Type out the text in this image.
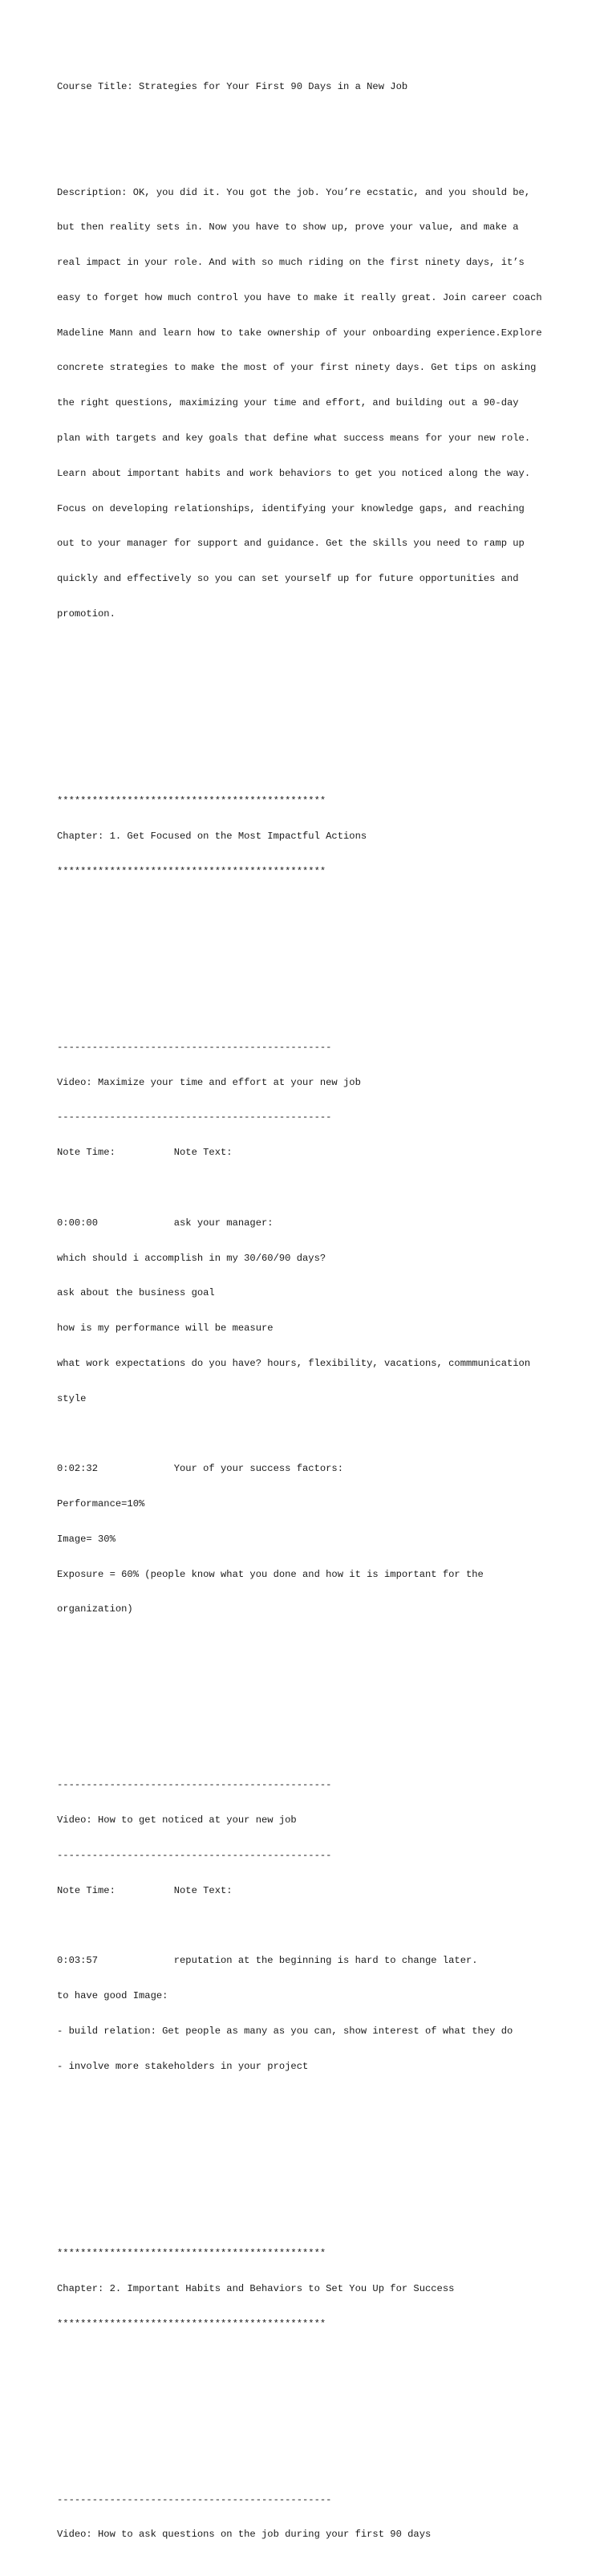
Course Title: Strategies for Your First 90 Days in a New Job

Description: OK, you did it. You got the job. You’re ecstatic, and you should be,

but then reality sets in. Now you have to show up, prove your value, and make a

real impact in your role. And with so much riding on the first ninety days, it’s

easy to forget how much control you have to make it really great. Join career coach

Madeline Mann and learn how to take ownership of your onboarding experience.Explore

concrete strategies to make the most of your first ninety days. Get tips on asking

the right questions, maximizing your time and effort, and building out a 90-day

plan with targets and key goals that define what success means for your new role.

Learn about important habits and work behaviors to get you noticed along the way.

Focus on developing relationships, identifying your knowledge gaps, and reaching

out to your manager for support and guidance. Get the skills you need to ramp up

quickly and effectively so you can set yourself up for future opportunities and

promotion.

**********************************************

Chapter: 1. Get Focused on the Most Impactful Actions

**********************************************

-----------------------------------------------

Video: Maximize your time and effort at your new job

-----------------------------------------------

Note Time:          Note Text:

0:00:00             ask your manager:

which should i accomplish in my 30/60/90 days?

ask about the business goal

how is my performance will be measure

what work expectations do you have? hours, flexibility, vacations, commmunication

style

0:02:32             Your of your success factors:

Performance=10%

Image= 30%

Exposure = 60% (people know what you done and how it is important for the

organization)

-----------------------------------------------

Video: How to get noticed at your new job

-----------------------------------------------

Note Time:          Note Text:

0:03:57             reputation at the beginning is hard to change later.

to have good Image:

- build relation: Get people as many as you can, show interest of what they do

- involve more stakeholders in your project

**********************************************

Chapter: 2. Important Habits and Behaviors to Set You Up for Success

**********************************************

-----------------------------------------------

Video: How to ask questions on the job during your first 90 days
